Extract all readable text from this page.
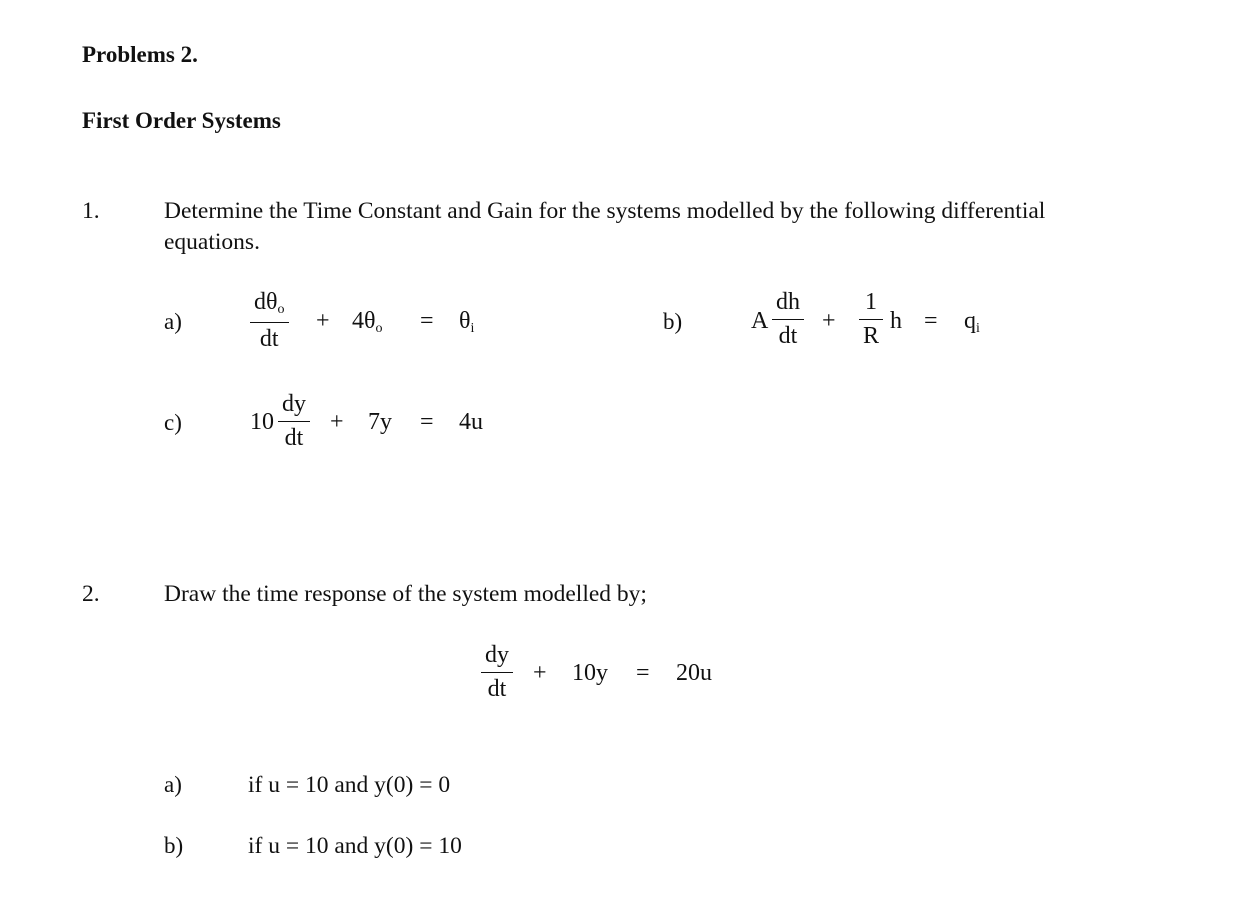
Problems 2.
First Order Systems
1.	Determine the Time Constant and Gain for the systems modelled by the following differential
equations.
a)
$d\theta_o$
dt
+ $4\theta_o = \theta_i$	b)	A
dh
dt
+
1
R
$h = q_i$
c)	10
dy
dt
+ 7y = 4u
2.	Draw the time response of the system modelled by;
dy
dt
+ 10y = 20u
a)	if u = 10 and y(0) = 0
b)	if u = 10 and y(0) = 10
